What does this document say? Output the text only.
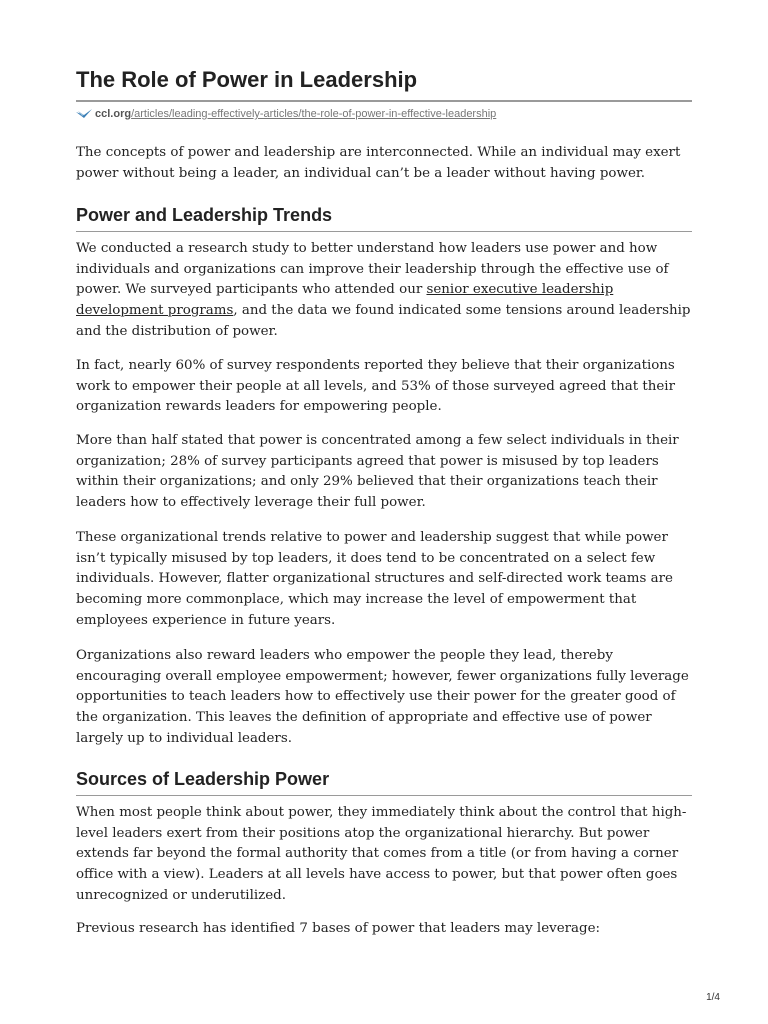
The Role of Power in Leadership
ccl.org/articles/leading-effectively-articles/the-role-of-power-in-effective-leadership

The concepts of power and leadership are interconnected. While an individual may exert power without being a leader, an individual can’t be a leader without having power.

Power and Leadership Trends

We conducted a research study to better understand how leaders use power and how individuals and organizations can improve their leadership through the effective use of power. We surveyed participants who attended our senior executive leadership development programs, and the data we found indicated some tensions around leadership and the distribution of power.

In fact, nearly 60% of survey respondents reported they believe that their organizations work to empower their people at all levels, and 53% of those surveyed agreed that their organization rewards leaders for empowering people.

More than half stated that power is concentrated among a few select individuals in their organization; 28% of survey participants agreed that power is misused by top leaders within their organizations; and only 29% believed that their organizations teach their leaders how to effectively leverage their full power.

These organizational trends relative to power and leadership suggest that while power isn’t typically misused by top leaders, it does tend to be concentrated on a select few individuals. However, flatter organizational structures and self-directed work teams are becoming more commonplace, which may increase the level of empowerment that employees experience in future years.

Organizations also reward leaders who empower the people they lead, thereby encouraging overall employee empowerment; however, fewer organizations fully leverage opportunities to teach leaders how to effectively use their power for the greater good of the organization. This leaves the definition of appropriate and effective use of power largely up to individual leaders.

Sources of Leadership Power

When most people think about power, they immediately think about the control that high-level leaders exert from their positions atop the organizational hierarchy. But power extends far beyond the formal authority that comes from a title (or from having a corner office with a view). Leaders at all levels have access to power, but that power often goes unrecognized or underutilized.

Previous research has identified 7 bases of power that leaders may leverage:

1/4
